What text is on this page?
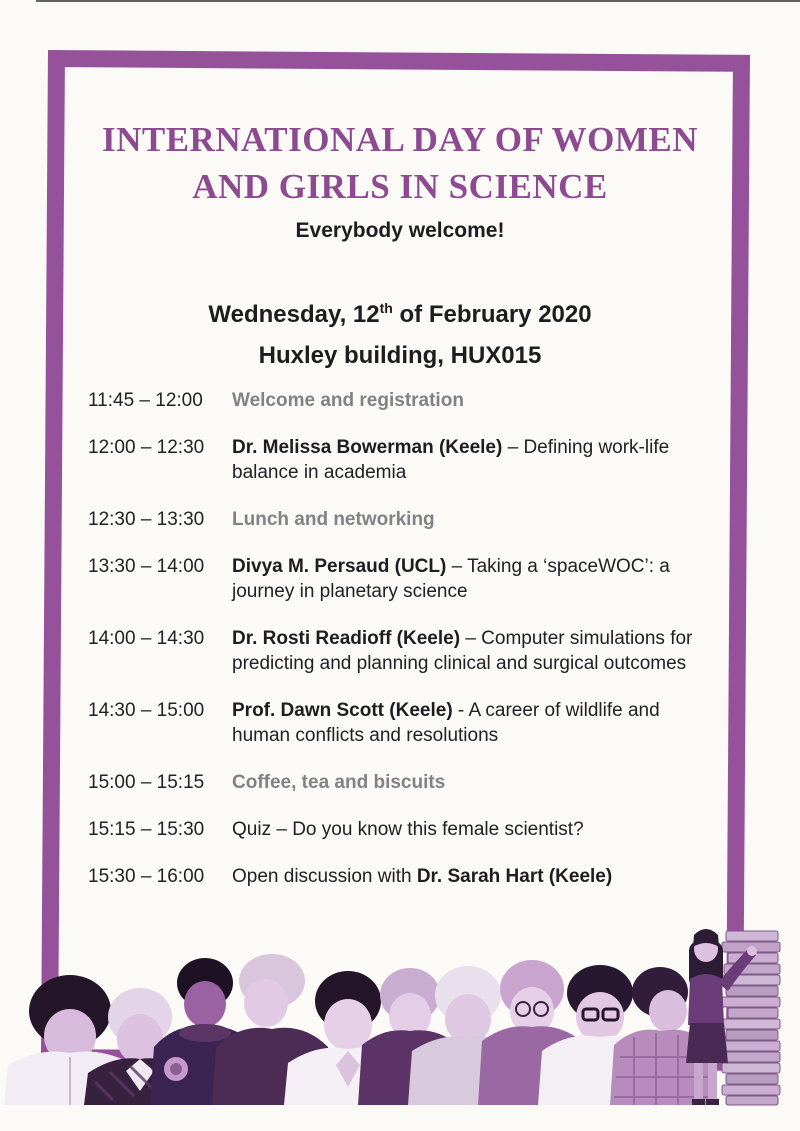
INTERNATIONAL DAY OF WOMEN
AND GIRLS IN SCIENCE
Everybody welcome!
Wednesday, 12th of February 2020
Huxley building, HUX015
11:45 – 12:00	Welcome and registration
12:00 – 12:30	Dr. Melissa Bowerman (Keele) – Defining work-life
balance in academia
12:30 – 13:30	Lunch and networking
13:30 – 14:00	Divya M. Persaud (UCL) – Taking a ‘spaceWOC’: a
journey in planetary science
14:00 – 14:30	Dr. Rosti Readioff (Keele) – Computer simulations for
predicting and planning clinical and surgical outcomes
14:30 – 15:00	Prof. Dawn Scott (Keele) - A career of wildlife and
human conflicts and resolutions
15:00 – 15:15	Coffee, tea and biscuits
15:15 – 15:30	Quiz – Do you know this female scientist?
15:30 – 16:00	Open discussion with Dr. Sarah Hart (Keele)
